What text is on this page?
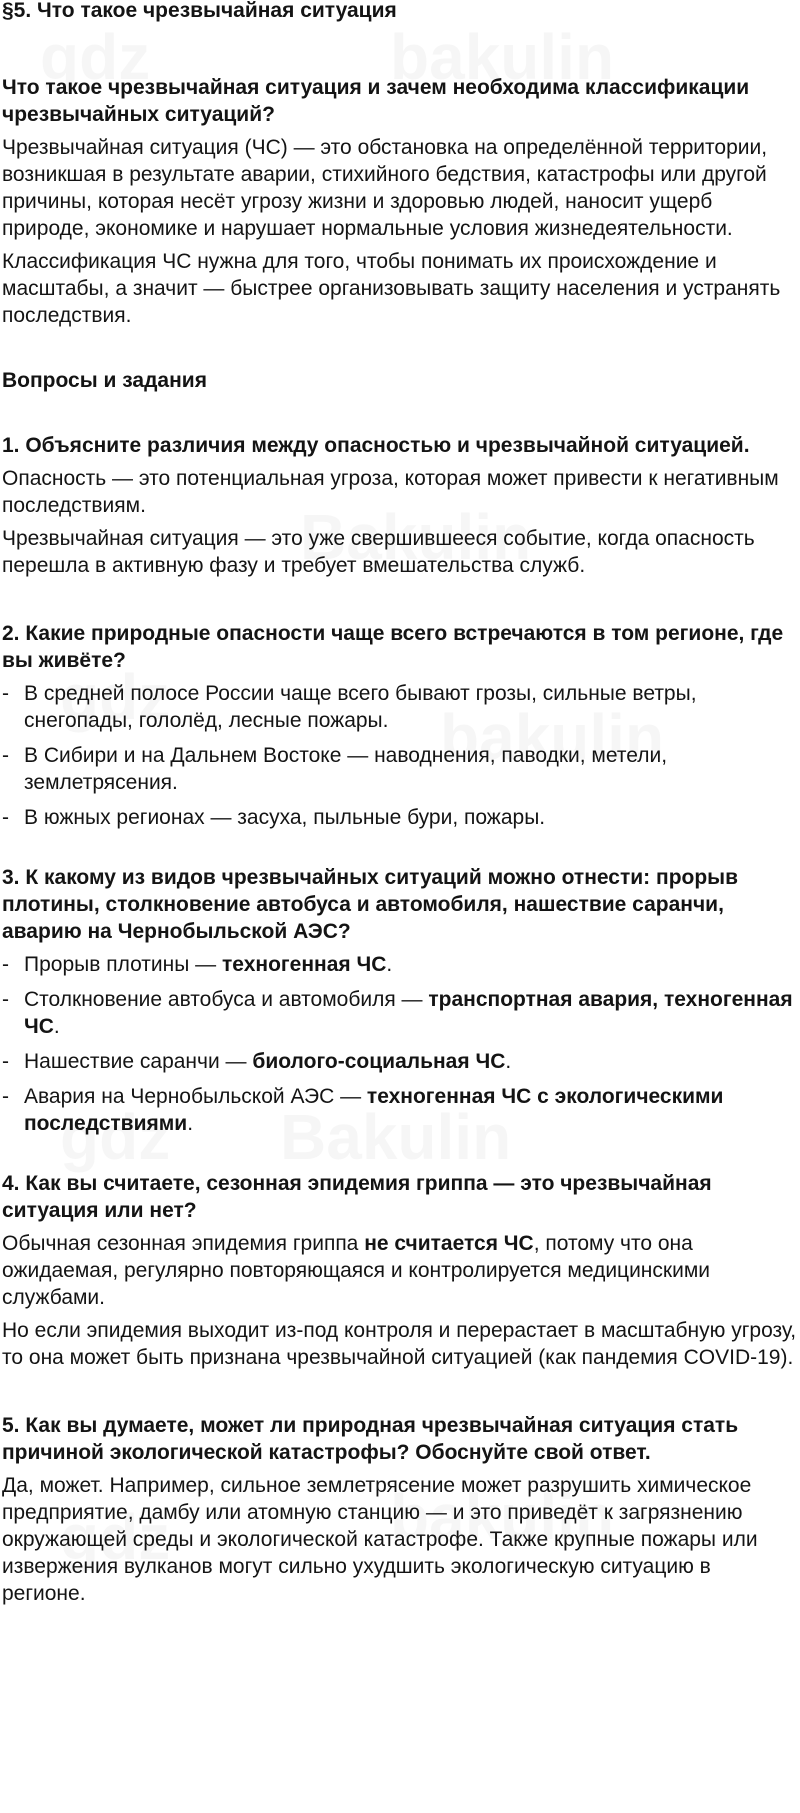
§5. Что такое чрезвычайная ситуация
Что такое чрезвычайная ситуация и зачем необходима классификации чрезвычайных ситуаций?

Чрезвычайная ситуация (ЧС) — это обстановка на определённой территории, возникшая в результате аварии, стихийного бедствия, катастрофы или другой причины, которая несёт угрозу жизни и здоровью людей, наносит ущерб природе, экономике и нарушает нормальные условия жизнедеятельности.

Классификация ЧС нужна для того, чтобы понимать их происхождение и масштабы, а значит — быстрее организовывать защиту населения и устранять последствия.

Вопросы и задания
1. Объясните различия между опасностью и чрезвычайной ситуацией.

Опасность — это потенциальная угроза, которая может привести к негативным последствиям.

Чрезвычайная ситуация — это уже свершившееся событие, когда опасность перешла в активную фазу и требует вмешательства служб.

2. Какие природные опасности чаще всего встречаются в том регионе, где вы живёте?
- В средней полосе России чаще всего бывают грозы, сильные ветры, снегопады, гололёд, лесные пожары.
- В Сибири и на Дальнем Востоке — наводнения, паводки, метели, землетрясения.
- В южных регионах — засуха, пыльные бури, пожары.
3. К какому из видов чрезвычайных ситуаций можно отнести: прорыв плотины, столкновение автобуса и автомобиля, нашествие саранчи, аварию на Чернобыльской АЭС?
- Прорыв плотины — техногенная ЧС.
- Столкновение автобуса и автомобиля — транспортная авария, техногенная ЧС.
- Нашествие саранчи — биолого-социальная ЧС.
- Авария на Чернобыльской АЭС — техногенная ЧС с экологическими последствиями.
4. Как вы считаете, сезонная эпидемия гриппа — это чрезвычайная ситуация или нет?

Обычная сезонная эпидемия гриппа не считается ЧС, потому что она ожидаемая, регулярно повторяющаяся и контролируется медицинскими службами.

Но если эпидемия выходит из-под контроля и перерастает в масштабную угрозу, то она может быть признана чрезвычайной ситуацией (как пандемия COVID-19).

5. Как вы думаете, может ли природная чрезвычайная ситуация стать причиной экологической катастрофы? Обоснуйте свой ответ.

Да, может. Например, сильное землетрясение может разрушить химическое предприятие, дамбу или атомную станцию — и это приведёт к загрязнению окружающей среды и экологической катастрофе. Также крупные пожары или извержения вулканов могут сильно ухудшить экологическую ситуацию в регионе.
